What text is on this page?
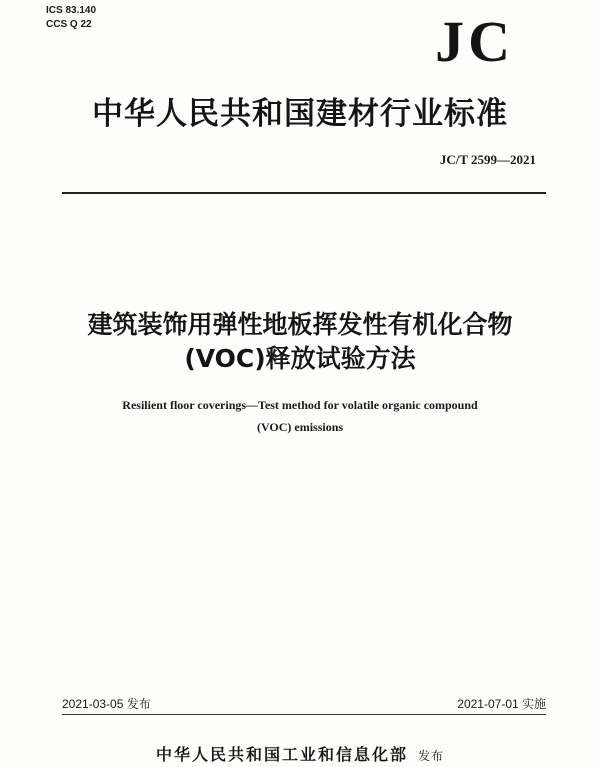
ICS 83.140
CCS Q 22	JC
中华人民共和国建材行业标准
JC/T 2599—2021
建筑装饰用弹性地板挥发性有机化合物
(VOC)释放试验方法
Resilient floor coverings—Test method for volatile organic compound
(VOC) emissions
2021-03-05 发布	2021-07-01 实施
中华人民共和国工业和信息化部 发布
